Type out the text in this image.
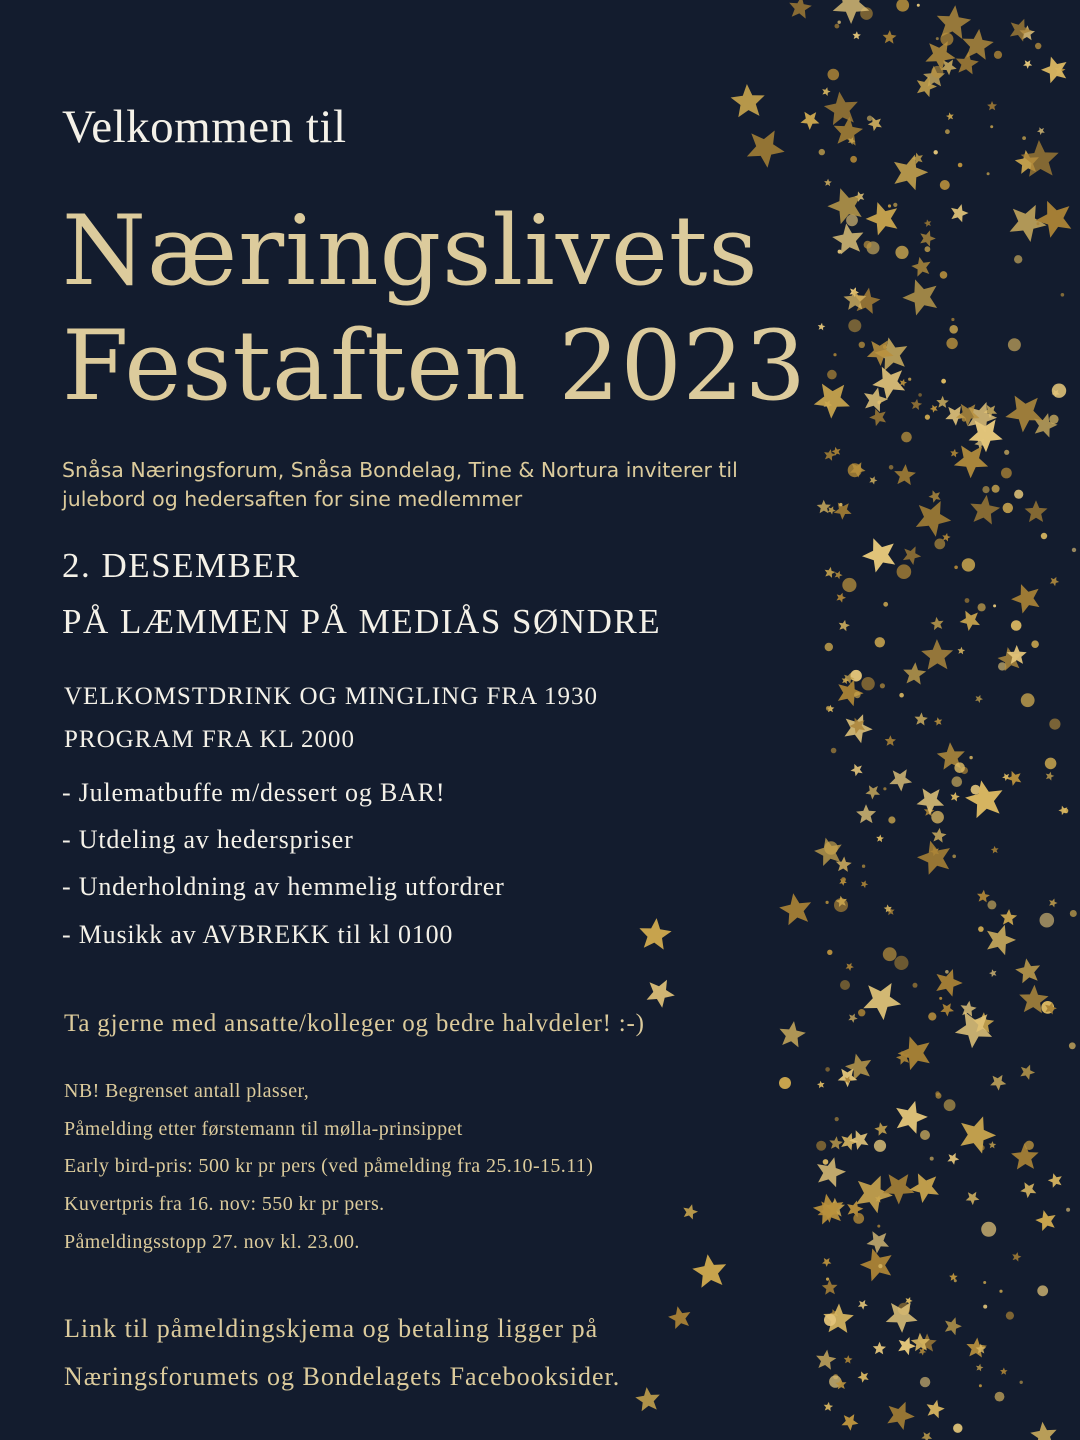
Velkommen til

Næringslivets

Festaften 2023

Snåsa Næringsforum, Snåsa Bondelag, Tine & Nortura inviterer til julebord og hedersaften for sine medlemmer

2. DESEMBER

PÅ LÆMMEN PÅ MEDIÅS SØNDRE

VELKOMSTDRINK OG MINGLING FRA 1930

PROGRAM FRA KL 2000

- Julematbuffe m/dessert og BAR!

- Utdeling av hederspriser

- Underholdning av hemmelig utfordrer

- Musikk av AVBREKK til kl 0100

Ta gjerne med ansatte/kolleger og bedre halvdeler! :-)

NB! Begrenset antall plasser,

Påmelding etter førstemann til mølla-prinsippet

Early bird-pris: 500 kr pr pers (ved påmelding fra 25.10-15.11)

Kuvertpris fra 16. nov: 550 kr pr pers.

Påmeldingsstopp 27. nov kl. 23.00.

Link til påmeldingskjema og betaling ligger på

Næringsforumets og Bondelagets Facebooksider.
